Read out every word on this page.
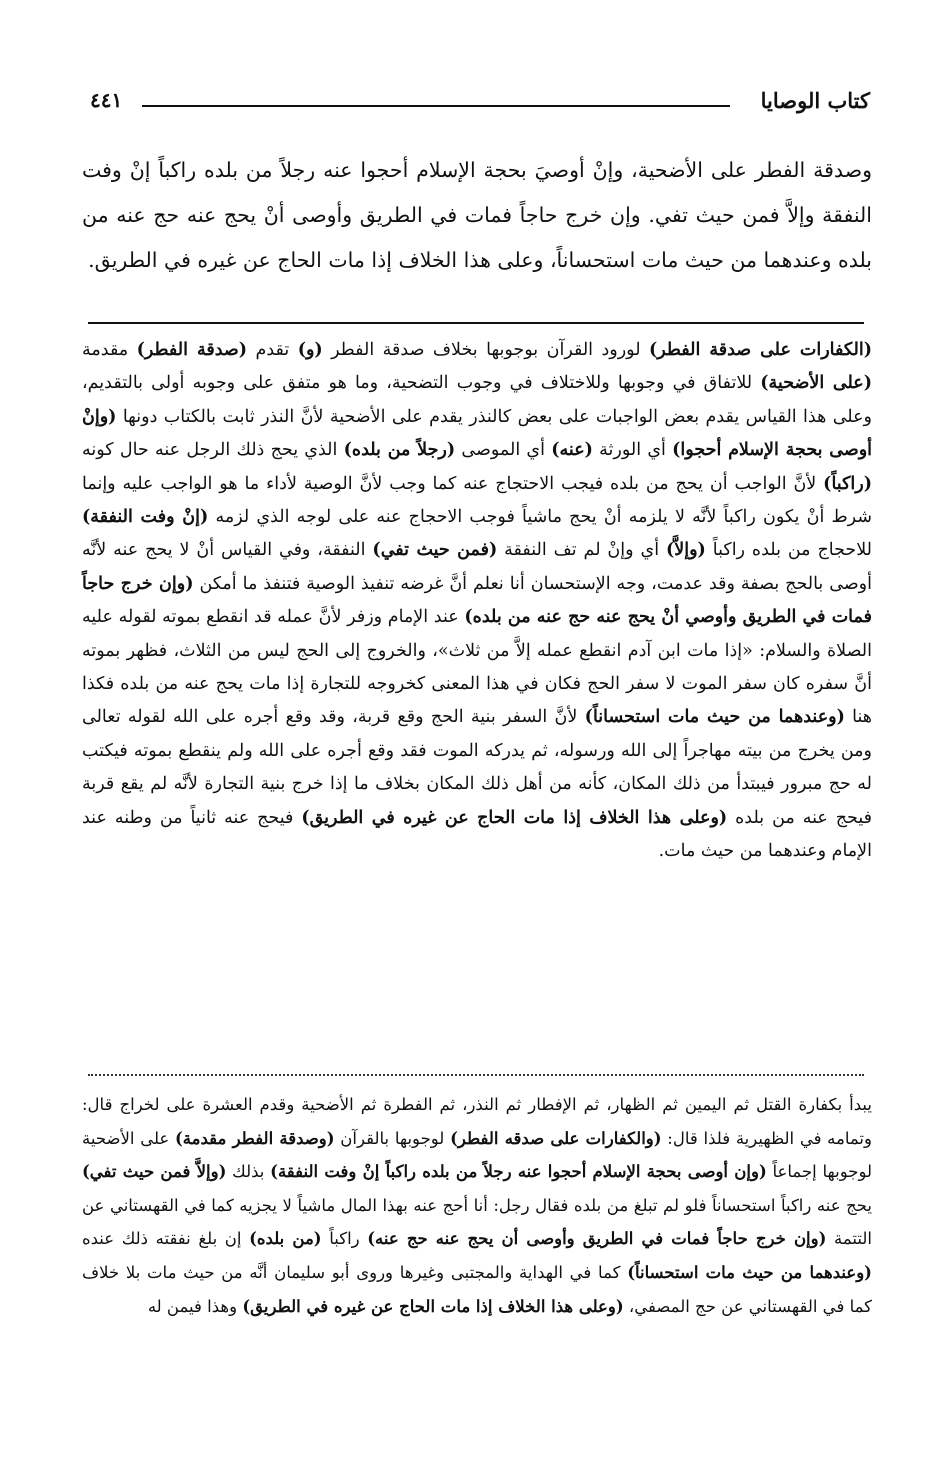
كتاب الوصايا
٤٤١

وصدقة الفطر على الأضحية، وإنْ أوصيَ بحجة الإسلام أحجوا عنه رجلاً من بلده راكباً إنْ وفت النفقة وإلاَّ فمن حيث تفي. وإن خرج حاجاً فمات في الطريق وأوصى أنْ يحج عنه حج عنه من بلده وعندهما من حيث مات استحساناً، وعلى هذا الخلاف إذا مات الحاج عن غيره في الطريق.

(الكفارات على صدقة الفطر) لورود القرآن بوجوبها بخلاف صدقة الفطر (و) تقدم (صدقة الفطر) مقدمة (على الأضحية) للاتفاق في وجوبها وللاختلاف في وجوب التضحية، وما هو متفق على وجوبه أولى بالتقديم، وعلى هذا القياس يقدم بعض الواجبات على بعض كالنذر يقدم على الأضحية لأنَّ النذر ثابت بالكتاب دونها (وإنْ أوصى بحجة الإسلام أحجوا) أي الورثة (عنه) أي الموصى (رجلاً من بلده) الذي يحج ذلك الرجل عنه حال كونه (راكباً) لأنَّ الواجب أن يحج من بلده فيجب الاحتجاج عنه كما وجب لأنَّ الوصية لأداء ما هو الواجب عليه وإنما شرط أنْ يكون راكباً لأنَّه لا يلزمه أنْ يحج ماشياً فوجب الاحجاج عنه على لوجه الذي لزمه (إنْ وفت النفقة) للاحجاج من بلده راكباً (وإلاَّ) أي وإنْ لم تف النفقة (فمن حيث تفي) النفقة، وفي القياس أنْ لا يحج عنه لأنَّه أوصى بالحج بصفة وقد عدمت، وجه الإستحسان أنا نعلم أنَّ غرضه تنفيذ الوصية فتنفذ ما أمكن (وإن خرج حاجاً فمات في الطريق وأوصي أنْ يحج عنه حج عنه من بلده) عند الإمام وزفر لأنَّ عمله قد انقطع بموته لقوله عليه الصلاة والسلام: «إذا مات ابن آدم انقطع عمله إلاَّ من ثلاث»، والخروج إلى الحج ليس من الثلاث، فظهر بموته أنَّ سفره كان سفر الموت لا سفر الحج فكان في هذا المعنى كخروجه للتجارة إذا مات يحج عنه من بلده فكذا هنا (وعندهما من حيث مات استحساناً) لأنَّ السفر بنية الحج وقع قربة، وقد وقع أجره على الله لقوله تعالى ومن يخرج من بيته مهاجراً إلى الله ورسوله، ثم يدركه الموت فقد وقع أجره على الله ولم ينقطع بموته فيكتب له حج مبرور فيبتدأ من ذلك المكان، كأنه من أهل ذلك المكان بخلاف ما إذا خرج بنية التجارة لأنَّه لم يقع قربة فيحج عنه من بلده (وعلى هذا الخلاف إذا مات الحاج عن غيره في الطريق) فيحج عنه ثانياً من وطنه عند الإمام وعندهما من حيث مات.

يبدأ بكفارة القتل ثم اليمين ثم الظهار، ثم الإفطار ثم النذر، ثم الفطرة ثم الأضحية وقدم العشرة على لخراج قال: وتمامه في الظهيرية فلذا قال: (والكفارات على صدقه الفطر) لوجوبها بالقرآن (وصدقة الفطر مقدمة) على الأضحية لوجوبها إجماعاً (وإن أوصى بحجة الإسلام أحجوا عنه رجلاً من بلده راكباً إنْ وفت النفقة) بذلك (وإلاَّ فمن حيث تفي) يحج عنه راكباً استحساناً فلو لم تبلغ من بلده فقال رجل: أنا أحج عنه بهذا المال ماشياً لا يجزيه كما في القهستاني عن التتمة (وإن خرج حاجاً فمات في الطريق وأوصى أن يحج عنه حج عنه) راكباً (من بلده) إن بلغ نفقته ذلك عنده (وعندهما من حيث مات استحساناً) كما في الهداية والمجتبى وغيرها وروى أبو سليمان أنَّه من حيث مات بلا خلاف كما في القهستاني عن حج المصفي، (وعلى هذا الخلاف إذا مات الحاج عن غيره في الطريق) وهذا فيمن له
